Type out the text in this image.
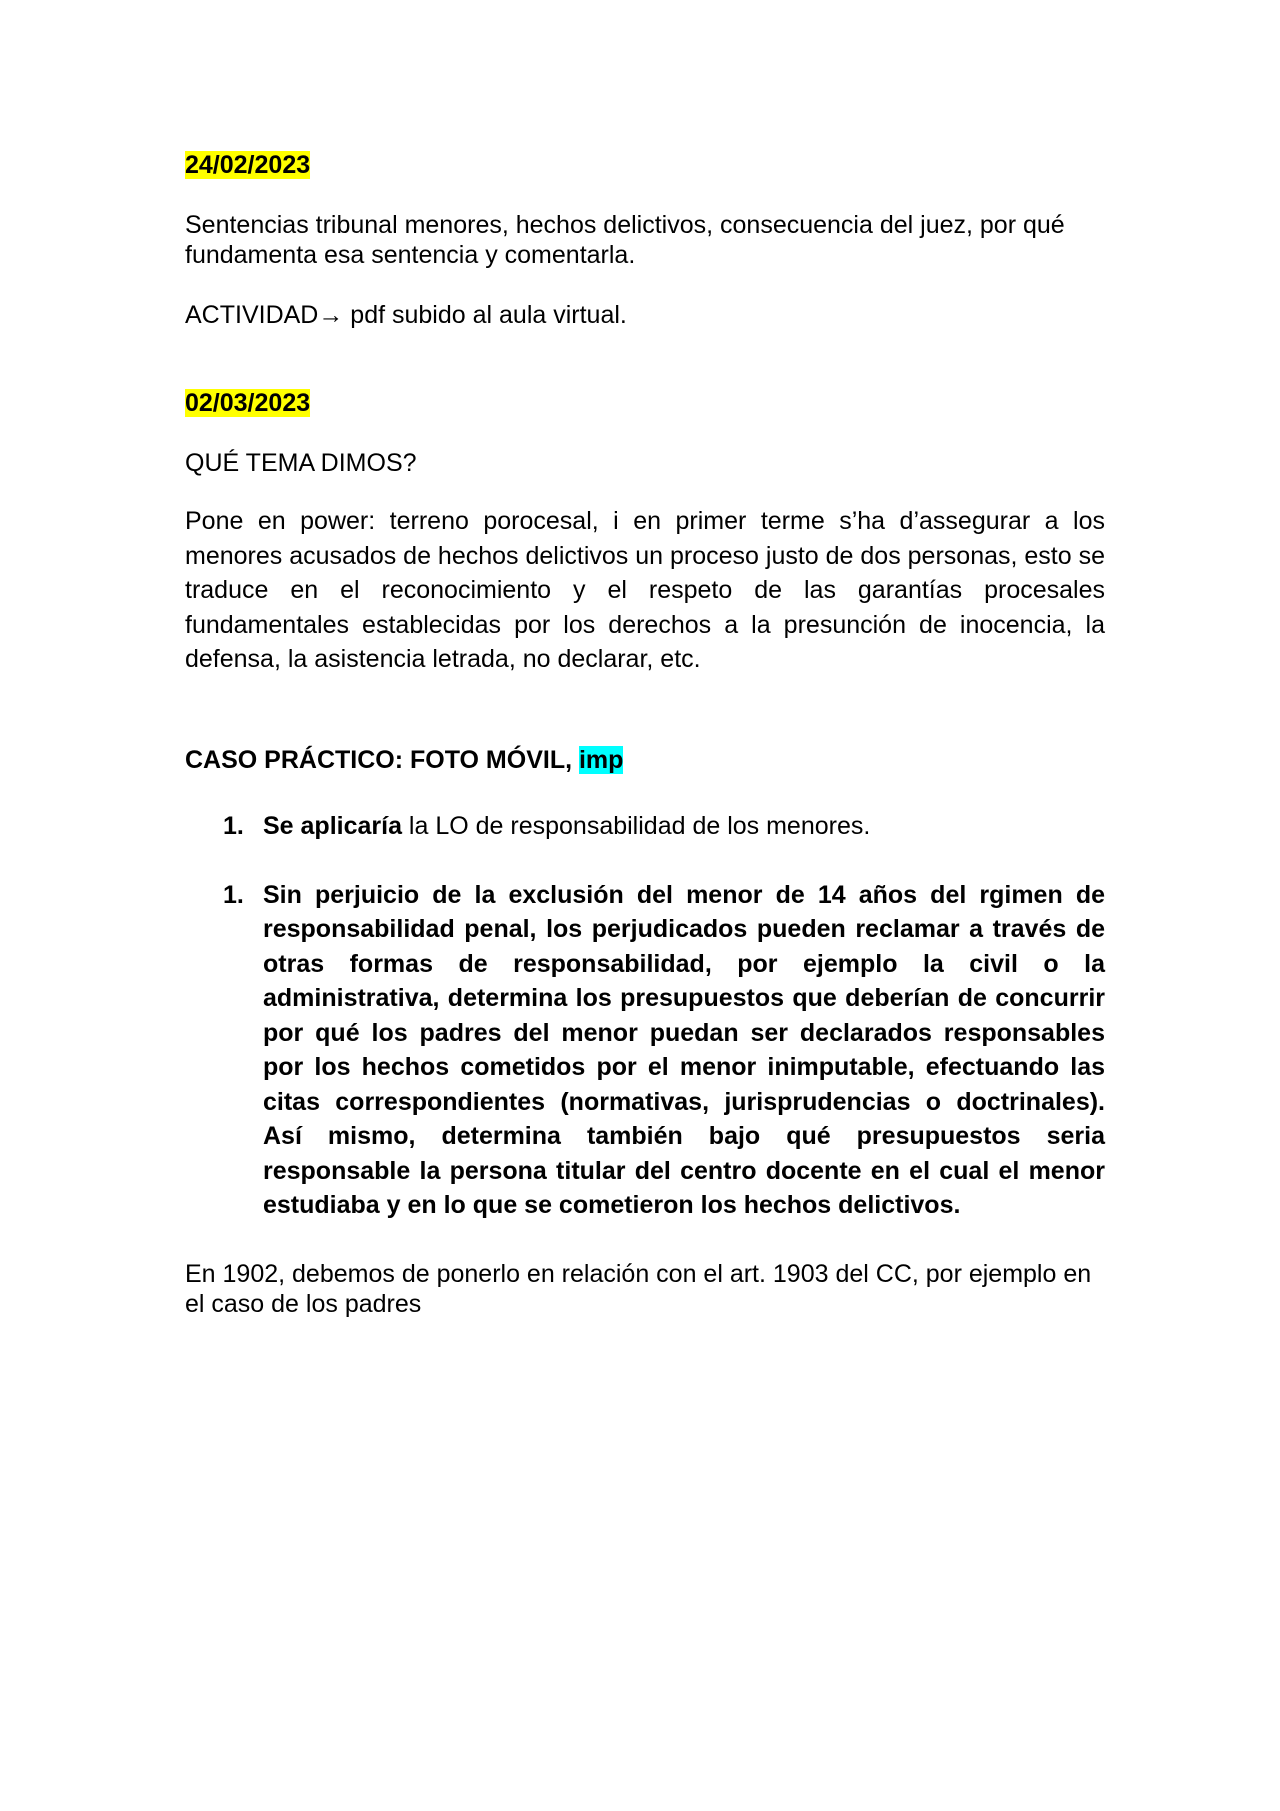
24/02/2023

Sentencias tribunal menores, hechos delictivos, consecuencia del juez, por qué fundamenta esa sentencia y comentarla.

ACTIVIDAD→ pdf subido al aula virtual.

02/03/2023

QUÉ TEMA DIMOS?

Pone en power: terreno porocesal, i en primer terme s’ha d’assegurar a los menores acusados de hechos delictivos un proceso justo de dos personas, esto se traduce en el reconocimiento y el respeto de las garantías procesales fundamentales establecidas por los derechos a la presunción de inocencia, la defensa, la asistencia letrada, no declarar, etc.

CASO PRÁCTICO: FOTO MÓVIL, imp

1. Se aplicaría la LO de responsabilidad de los menores.
1. Sin perjuicio de la exclusión del menor de 14 años del rgimen de responsabilidad penal, los perjudicados pueden reclamar a través de otras formas de responsabilidad, por ejemplo la civil o la administrativa, determina los presupuestos que deberían de concurrir por qué los padres del menor puedan ser declarados responsables por los hechos cometidos por el menor inimputable, efectuando las citas correspondientes (normativas, jurisprudencias o doctrinales). Así mismo, determina también bajo qué presupuestos seria responsable la persona titular del centro docente en el cual el menor estudiaba y en lo que se cometieron los hechos delictivos.

En 1902, debemos de ponerlo en relación con el art. 1903 del CC, por ejemplo en el caso de los padres
